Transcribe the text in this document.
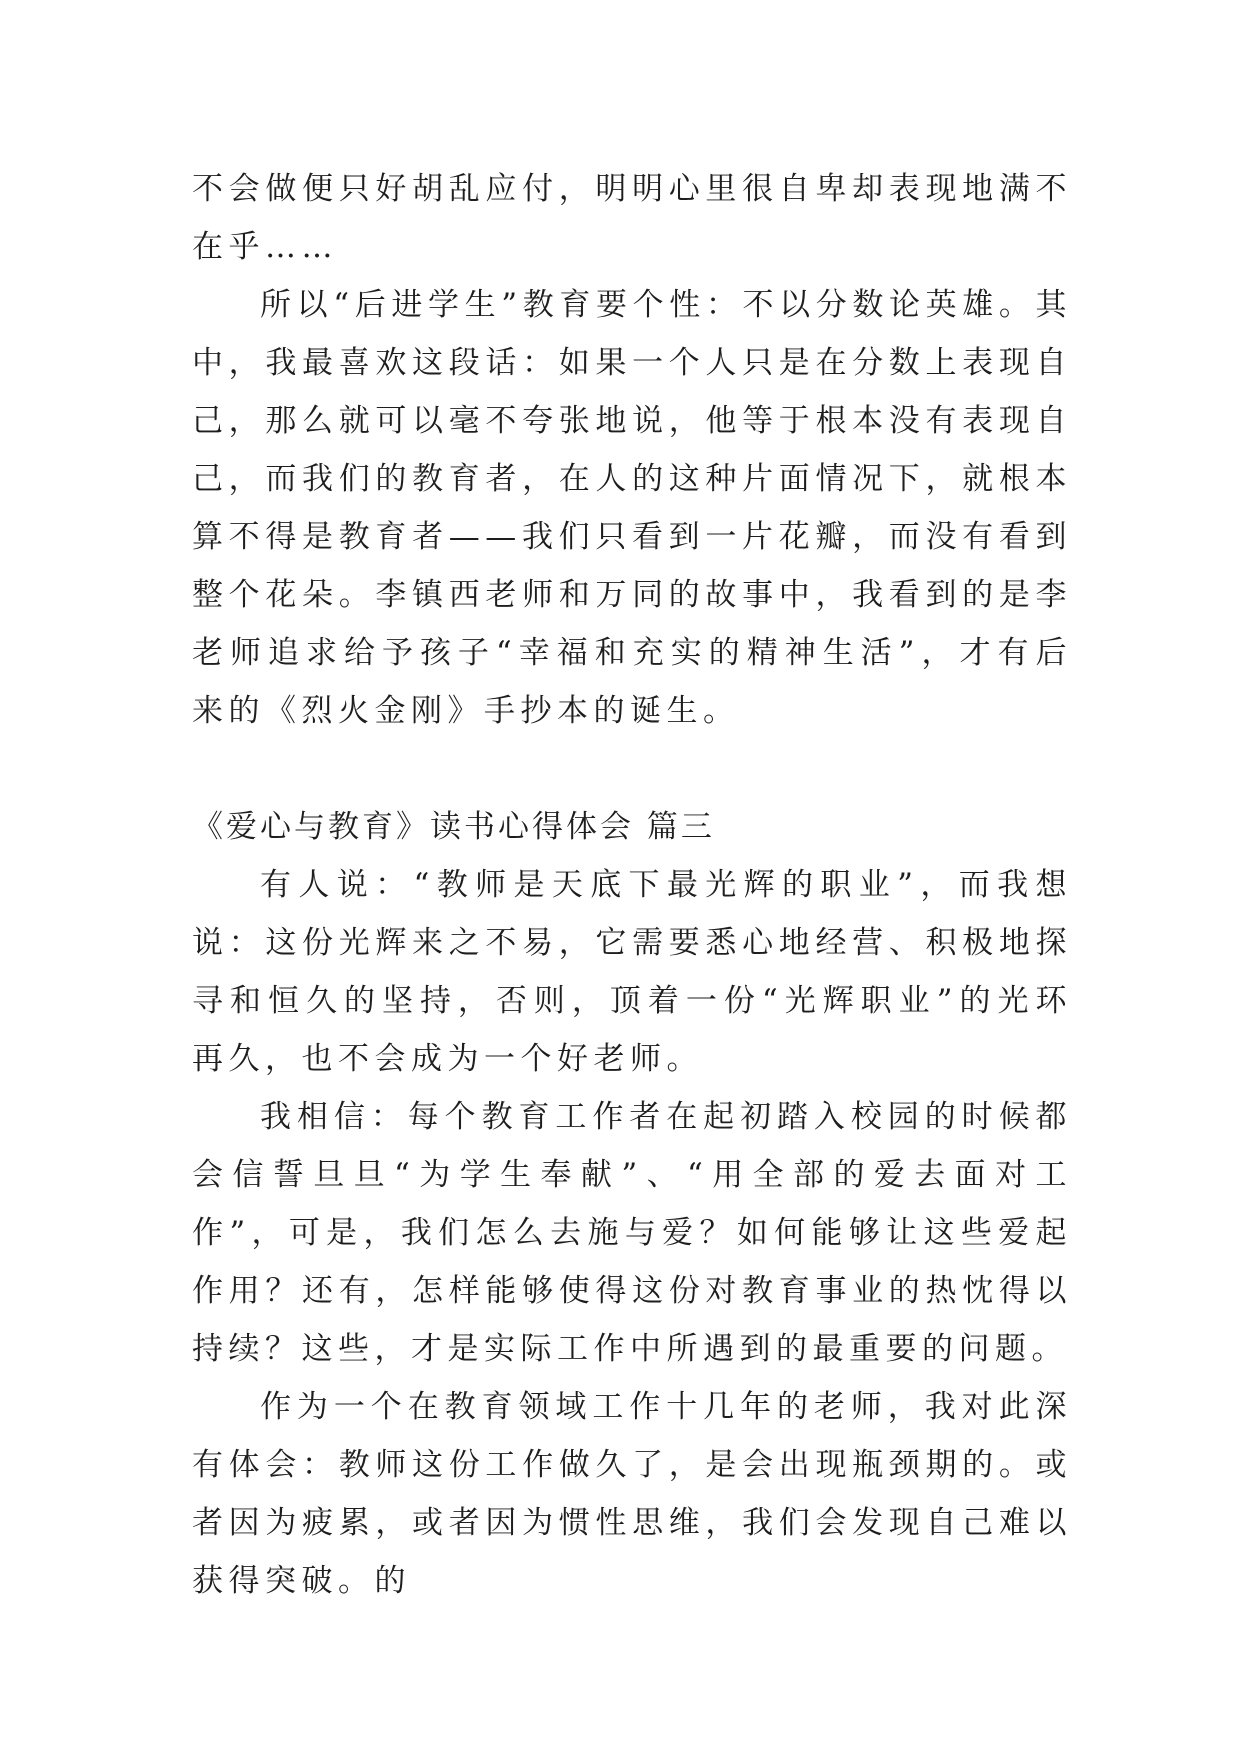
不会做便只好胡乱应付，明明心里很自卑却表现地满不在乎……

所以“后进学生”教育要个性：不以分数论英雄。其中，我最喜欢这段话：如果一个人只是在分数上表现自己，那么就可以毫不夸张地说，他等于根本没有表现自己，而我们的教育者，在人的这种片面情况下，就根本算不得是教育者——我们只看到一片花瓣，而没有看到整个花朵。李镇西老师和万同的故事中，我看到的是李老师追求给予孩子“幸福和充实的精神生活”，才有后来的《烈火金刚》手抄本的诞生。

《爱心与教育》读书心得体会 篇三

有人说：“教师是天底下最光辉的职业”，而我想说：这份光辉来之不易，它需要悉心地经营、积极地探寻和恒久的坚持，否则，顶着一份“光辉职业”的光环再久，也不会成为一个好老师。

我相信：每个教育工作者在起初踏入校园的时候都会信誓旦旦“为学生奉献”、“用全部的爱去面对工作”，可是，我们怎么去施与爱？如何能够让这些爱起作用？还有，怎样能够使得这份对教育事业的热忱得以持续？这些，才是实际工作中所遇到的最重要的问题。

作为一个在教育领域工作十几年的老师，我对此深有体会：教师这份工作做久了，是会出现瓶颈期的。或者因为疲累，或者因为惯性思维，我们会发现自己难以获得突破。的
